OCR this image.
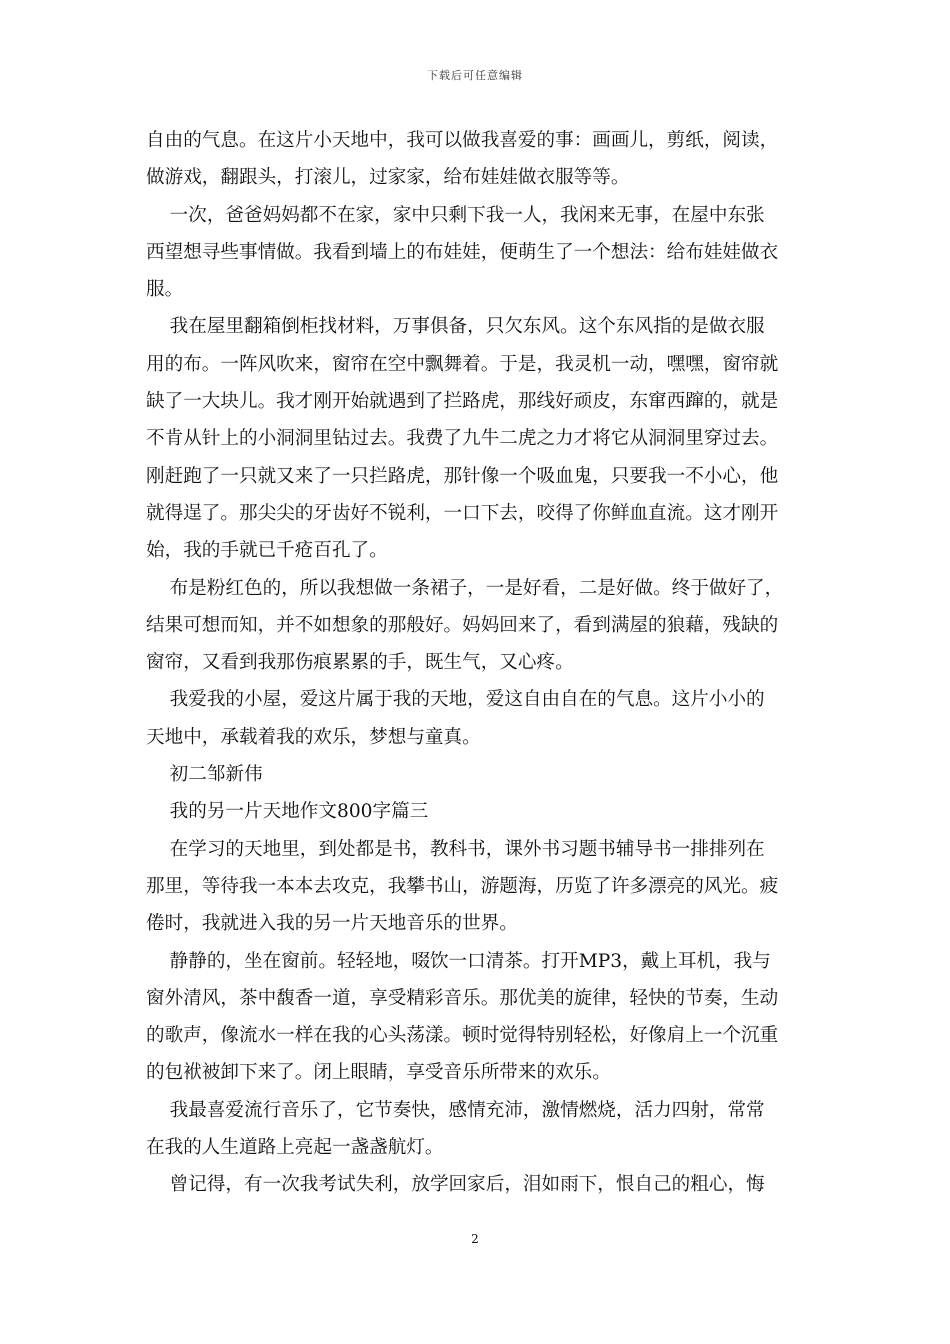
下载后可任意编辑

自由的气息。在这片小天地中，我可以做我喜爱的事：画画儿，剪纸，阅读，

做游戏，翻跟头，打滚儿，过家家，给布娃娃做衣服等等。

一次，爸爸妈妈都不在家，家中只剩下我一人，我闲来无事，在屋中东张

西望想寻些事情做。我看到墙上的布娃娃，便萌生了一个想法：给布娃娃做衣

服。

我在屋里翻箱倒柜找材料，万事俱备，只欠东风。这个东风指的是做衣服

用的布。一阵风吹来，窗帘在空中飘舞着。于是，我灵机一动，嘿嘿，窗帘就

缺了一大块儿。我才刚开始就遇到了拦路虎，那线好顽皮，东窜西蹿的，就是

不肯从针上的小洞洞里钻过去。我费了九牛二虎之力才将它从洞洞里穿过去。

刚赶跑了一只就又来了一只拦路虎，那针像一个吸血鬼，只要我一不小心，他

就得逞了。那尖尖的牙齿好不锐利，一口下去，咬得了你鲜血直流。这才刚开

始，我的手就已千疮百孔了。

布是粉红色的，所以我想做一条裙子，一是好看，二是好做。终于做好了，

结果可想而知，并不如想象的那般好。妈妈回来了，看到满屋的狼藉，残缺的

窗帘，又看到我那伤痕累累的手，既生气，又心疼。

我爱我的小屋，爱这片属于我的天地，爱这自由自在的气息。这片小小的

天地中，承载着我的欢乐，梦想与童真。

初二邹新伟

我的另一片天地作文800字篇三

在学习的天地里，到处都是书，教科书，课外书习题书辅导书一排排列在

那里，等待我一本本去攻克，我攀书山，游题海，历览了许多漂亮的风光。疲

倦时，我就进入我的另一片天地音乐的世界。

静静的，坐在窗前。轻轻地，啜饮一口清茶。打开MP3，戴上耳机，我与

窗外清风，茶中馥香一道，享受精彩音乐。那优美的旋律，轻快的节奏，生动

的歌声，像流水一样在我的心头荡漾。顿时觉得特别轻松，好像肩上一个沉重

的包袱被卸下来了。闭上眼睛，享受音乐所带来的欢乐。

我最喜爱流行音乐了，它节奏快，感情充沛，激情燃烧，活力四射，常常

在我的人生道路上亮起一盏盏航灯。

曾记得，有一次我考试失利，放学回家后，泪如雨下，恨自己的粗心，悔

2
